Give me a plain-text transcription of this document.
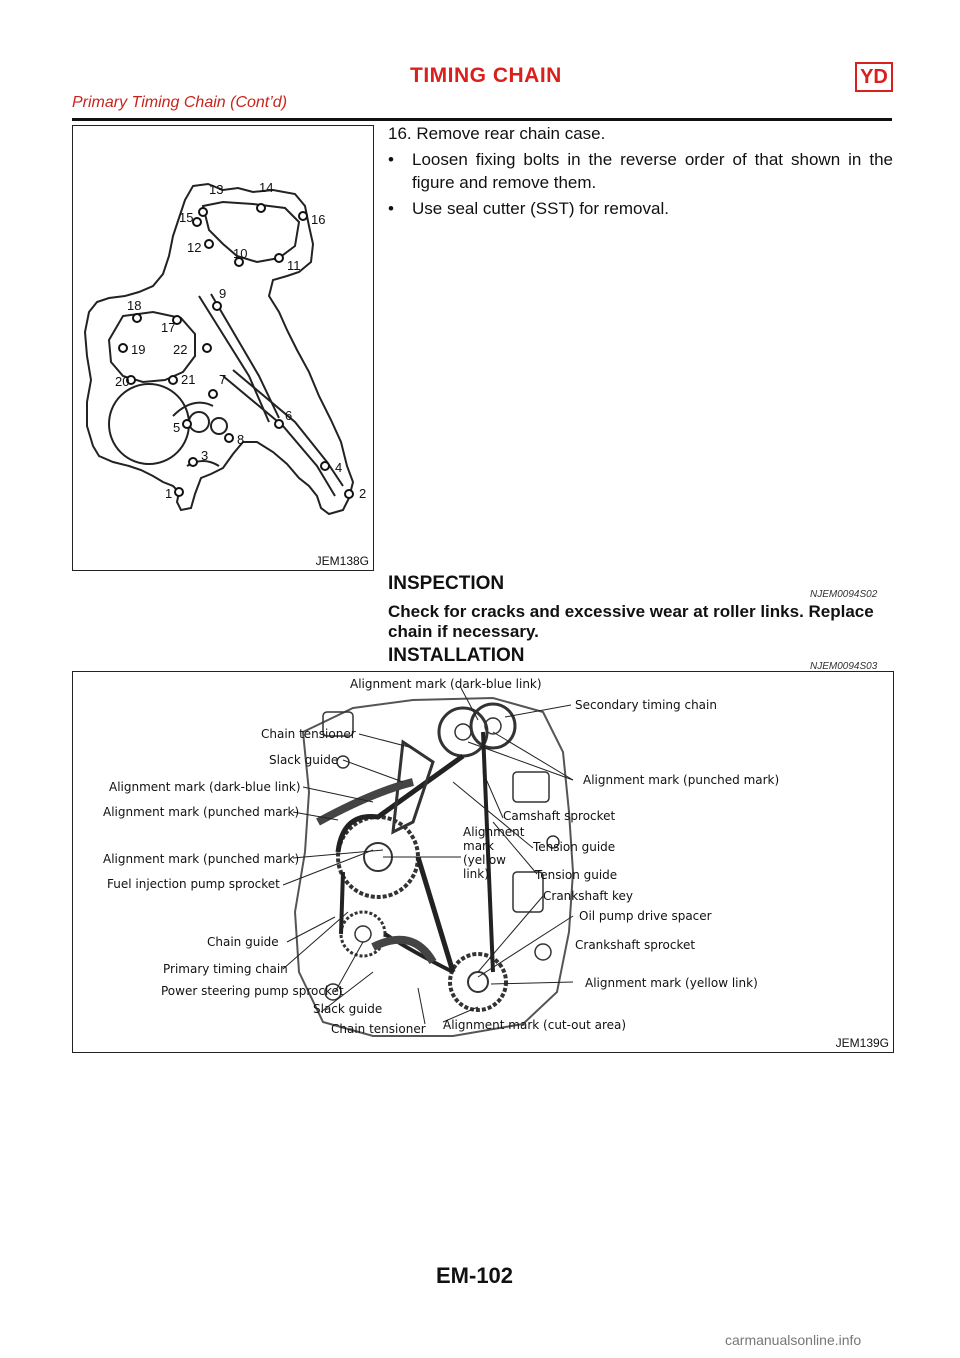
TIMING CHAIN	YD
Primary Timing Chain (Cont’d)
1	2
3
4
5
6
7
8
9
10
11
12
13	14
15	16
17
18
19
20	21
22
JEM138G
16. Remove rear chain case.
• Loosen fixing bolts in the reverse order of that shown in the figure and remove them.
• Use seal cutter (SST) for removal.
INSPECTION
NJEM0094S02
Check for cracks and excessive wear at roller links. Replace chain if necessary.
INSTALLATION
NJEM0094S03
Alignment mark (dark-blue link)
Secondary timing chain
Chain tensioner
Slack guide
Alignment mark (punched mark)
Alignment mark (dark-blue link)
Alignment mark (punched mark)	Camshaft sprocket
Alignment mark (yellow link)
Tension guide
Alignment mark (punched mark)
Tension guide
Fuel injection pump sprocket
Crankshaft key
Oil pump drive spacer
Chain guide	Crankshaft sprocket
Primary timing chain
Alignment mark (yellow link)
Power steering pump sprocket
Slack guide
Chain tensioner Alignment mark (cut-out area)
JEM139G
EM-102
carmanualsonline.info
